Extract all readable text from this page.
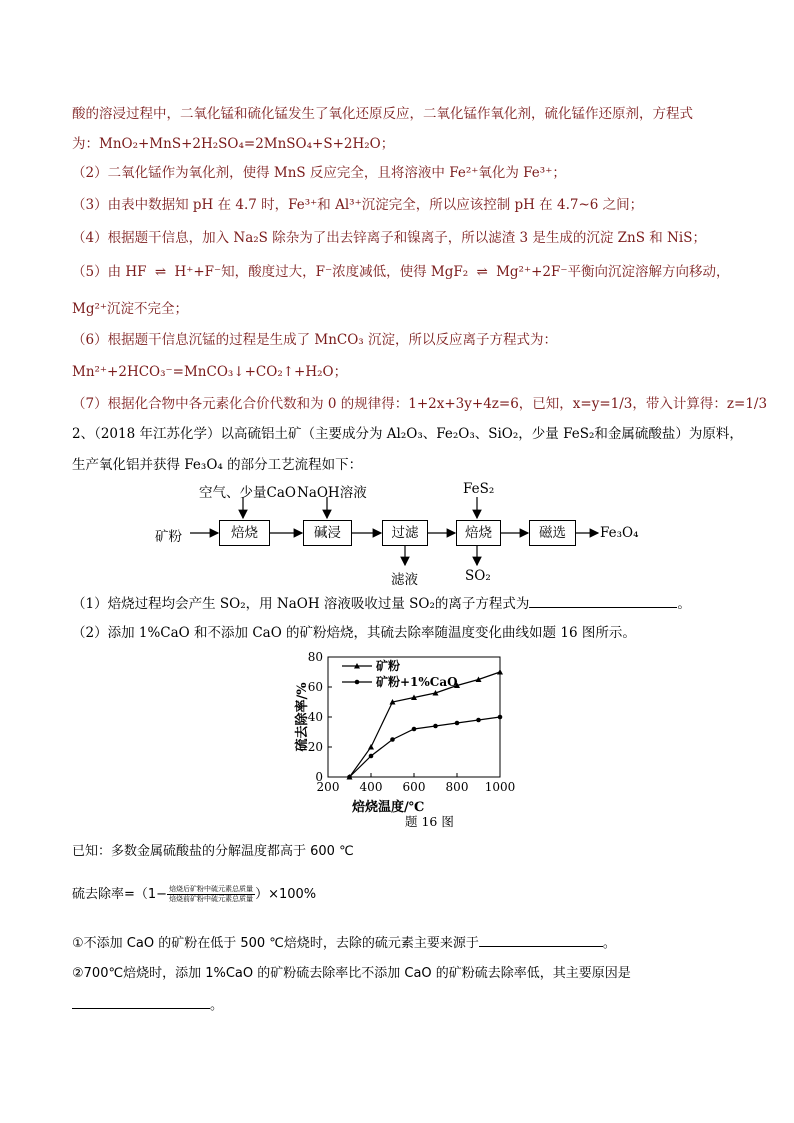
酸的溶浸过程中，二氧化锰和硫化锰发生了氧化还原反应，二氧化锰作氧化剂，硫化锰作还原剂，方程式
为：MnO₂+MnS+2H₂SO₄=2MnSO₄+S+2H₂O；
（2）二氧化锰作为氧化剂，使得 MnS 反应完全，且将溶液中 Fe²⁺氧化为 Fe³⁺；
（3）由表中数据知 pH 在 4.7 时，Fe³⁺和 Al³⁺沉淀完全，所以应该控制 pH 在 4.7~6 之间；
（4）根据题干信息，加入 Na₂S 除杂为了出去锌离子和镍离子，所以滤渣 3 是生成的沉淀 ZnS 和 NiS；
（5）由 HF ⇌ H⁺+F⁻知，酸度过大，F⁻浓度减低，使得 MgF₂ ⇌ Mg²⁺+2F⁻平衡向沉淀溶解方向移动，
Mg²⁺沉淀不完全；
（6）根据题干信息沉锰的过程是生成了 MnCO₃ 沉淀，所以反应离子方程式为：
Mn²⁺+2HCO₃⁻=MnCO₃↓+CO₂↑+H₂O；
（7）根据化合物中各元素化合价代数和为 0 的规律得：1+2x+3y+4z=6，已知，x=y=1/3，带入计算得：z=1/3
2、（2018 年江苏化学）以高硫铝土矿（主要成分为 Al₂O₃、Fe₂O₃、SiO₂，少量 FeS₂和金属硫酸盐）为原料，
生产氧化铝并获得 Fe₃O₄ 的部分工艺流程如下：
矿粉	焙烧	碱浸	过滤	焙烧	磁选
空气、少量CaO NaOH溶液	FeS₂
滤液	SO₂
Fe₃O₄
（1）焙烧过程均会产生 SO₂，用 NaOH 溶液吸收过量 SO₂的离子方程式为	。
（2）添加 1%CaO 和不添加 CaO 的矿粉焙烧，其硫去除率随温度变化曲线如题 16 图所示。
200 400 600 800 1000
0
20
40
60
80
硫去除率/%
矿粉
矿粉+1%CaO
焙烧温度/℃
题 16 图
已知：多数金属硫酸盐的分解温度都高于 600 ℃
硫去除率$=(1- \frac{\text{焙烧后矿粉中硫元素总质量}}{\text{焙烧前矿粉中硫元素总质量}} )\times 100\%$
①不添加 CaO 的矿粉在低于 500 ℃焙烧时，去除的硫元素主要来源于	。
②700℃焙烧时，添加 1%CaO 的矿粉硫去除率比不添加 CaO 的矿粉硫去除率低，其主要原因是
。
